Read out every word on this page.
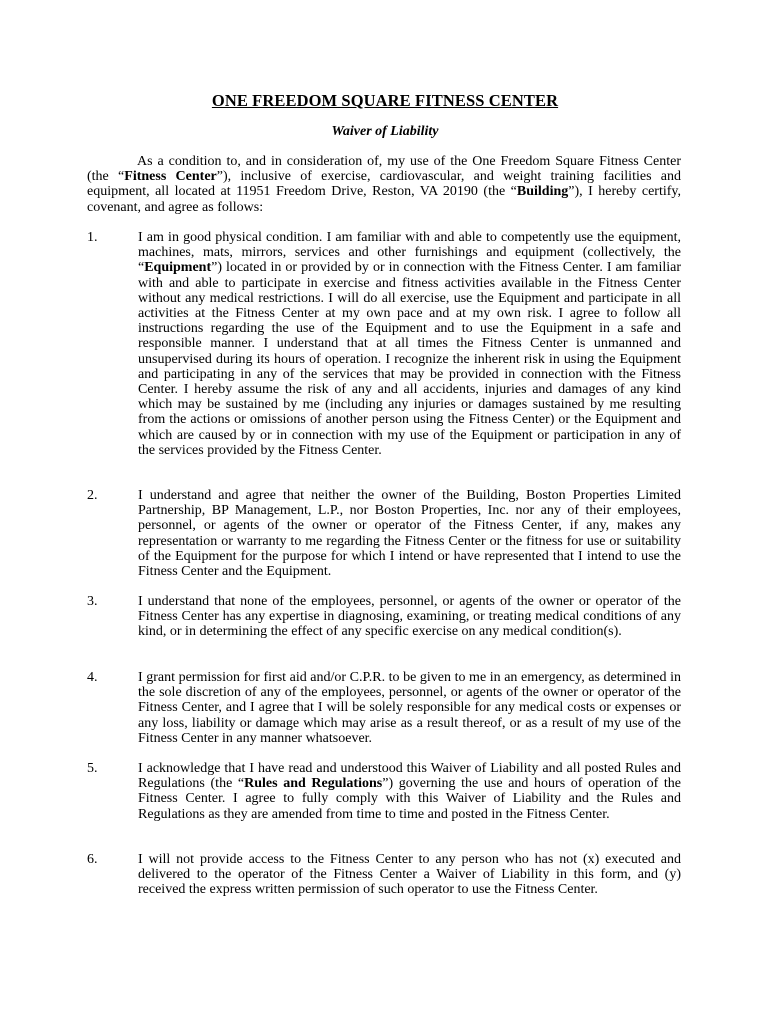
ONE FREEDOM SQUARE FITNESS CENTER
Waiver of Liability

As a condition to, and in consideration of, my use of the One Freedom Square Fitness Center (the “Fitness Center”), inclusive of exercise, cardiovascular, and weight training facilities and equipment, all located at 11951 Freedom Drive, Reston, VA 20190 (the “Building”), I hereby certify, covenant, and agree as follows:

1.	I am in good physical condition. I am familiar with and able to competently use the equipment, machines, mats, mirrors, services and other furnishings and equipment (collectively, the “Equipment”) located in or provided by or in connection with the Fitness Center. I am familiar with and able to participate in exercise and fitness activities available in the Fitness Center without any medical restrictions. I will do all exercise, use the Equipment and participate in all activities at the Fitness Center at my own pace and at my own risk. I agree to follow all instructions regarding the use of the Equipment and to use the Equipment in a safe and responsible manner. I understand that at all times the Fitness Center is unmanned and unsupervised during its hours of operation. I recognize the inherent risk in using the Equipment and participating in any of the services that may be provided in connection with the Fitness Center. I hereby assume the risk of any and all accidents, injuries and damages of any kind which may be sustained by me (including any injuries or damages sustained by me resulting from the actions or omissions of another person using the Fitness Center) or the Equipment and which are caused by or in connection with my use of the Equipment or participation in any of the services provided by the Fitness Center.
2.	I understand and agree that neither the owner of the Building, Boston Properties Limited Partnership, BP Management, L.P., nor Boston Properties, Inc. nor any of their employees, personnel, or agents of the owner or operator of the Fitness Center, if any, makes any representation or warranty to me regarding the Fitness Center or the fitness for use or suitability of the Equipment for the purpose for which I intend or have represented that I intend to use the Fitness Center and the Equipment.
3.	I understand that none of the employees, personnel, or agents of the owner or operator of the Fitness Center has any expertise in diagnosing, examining, or treating medical conditions of any kind, or in determining the effect of any specific exercise on any medical condition(s).
4.	I grant permission for first aid and/or C.P.R. to be given to me in an emergency, as determined in the sole discretion of any of the employees, personnel, or agents of the owner or operator of the Fitness Center, and I agree that I will be solely responsible for any medical costs or expenses or any loss, liability or damage which may arise as a result thereof, or as a result of my use of the Fitness Center in any manner whatsoever.
5.	I acknowledge that I have read and understood this Waiver of Liability and all posted Rules and Regulations (the “Rules and Regulations”) governing the use and hours of operation of the Fitness Center. I agree to fully comply with this Waiver of Liability and the Rules and Regulations as they are amended from time to time and posted in the Fitness Center.
6.	I will not provide access to the Fitness Center to any person who has not (x) executed and delivered to the operator of the Fitness Center a Waiver of Liability in this form, and (y) received the express written permission of such operator to use the Fitness Center.
